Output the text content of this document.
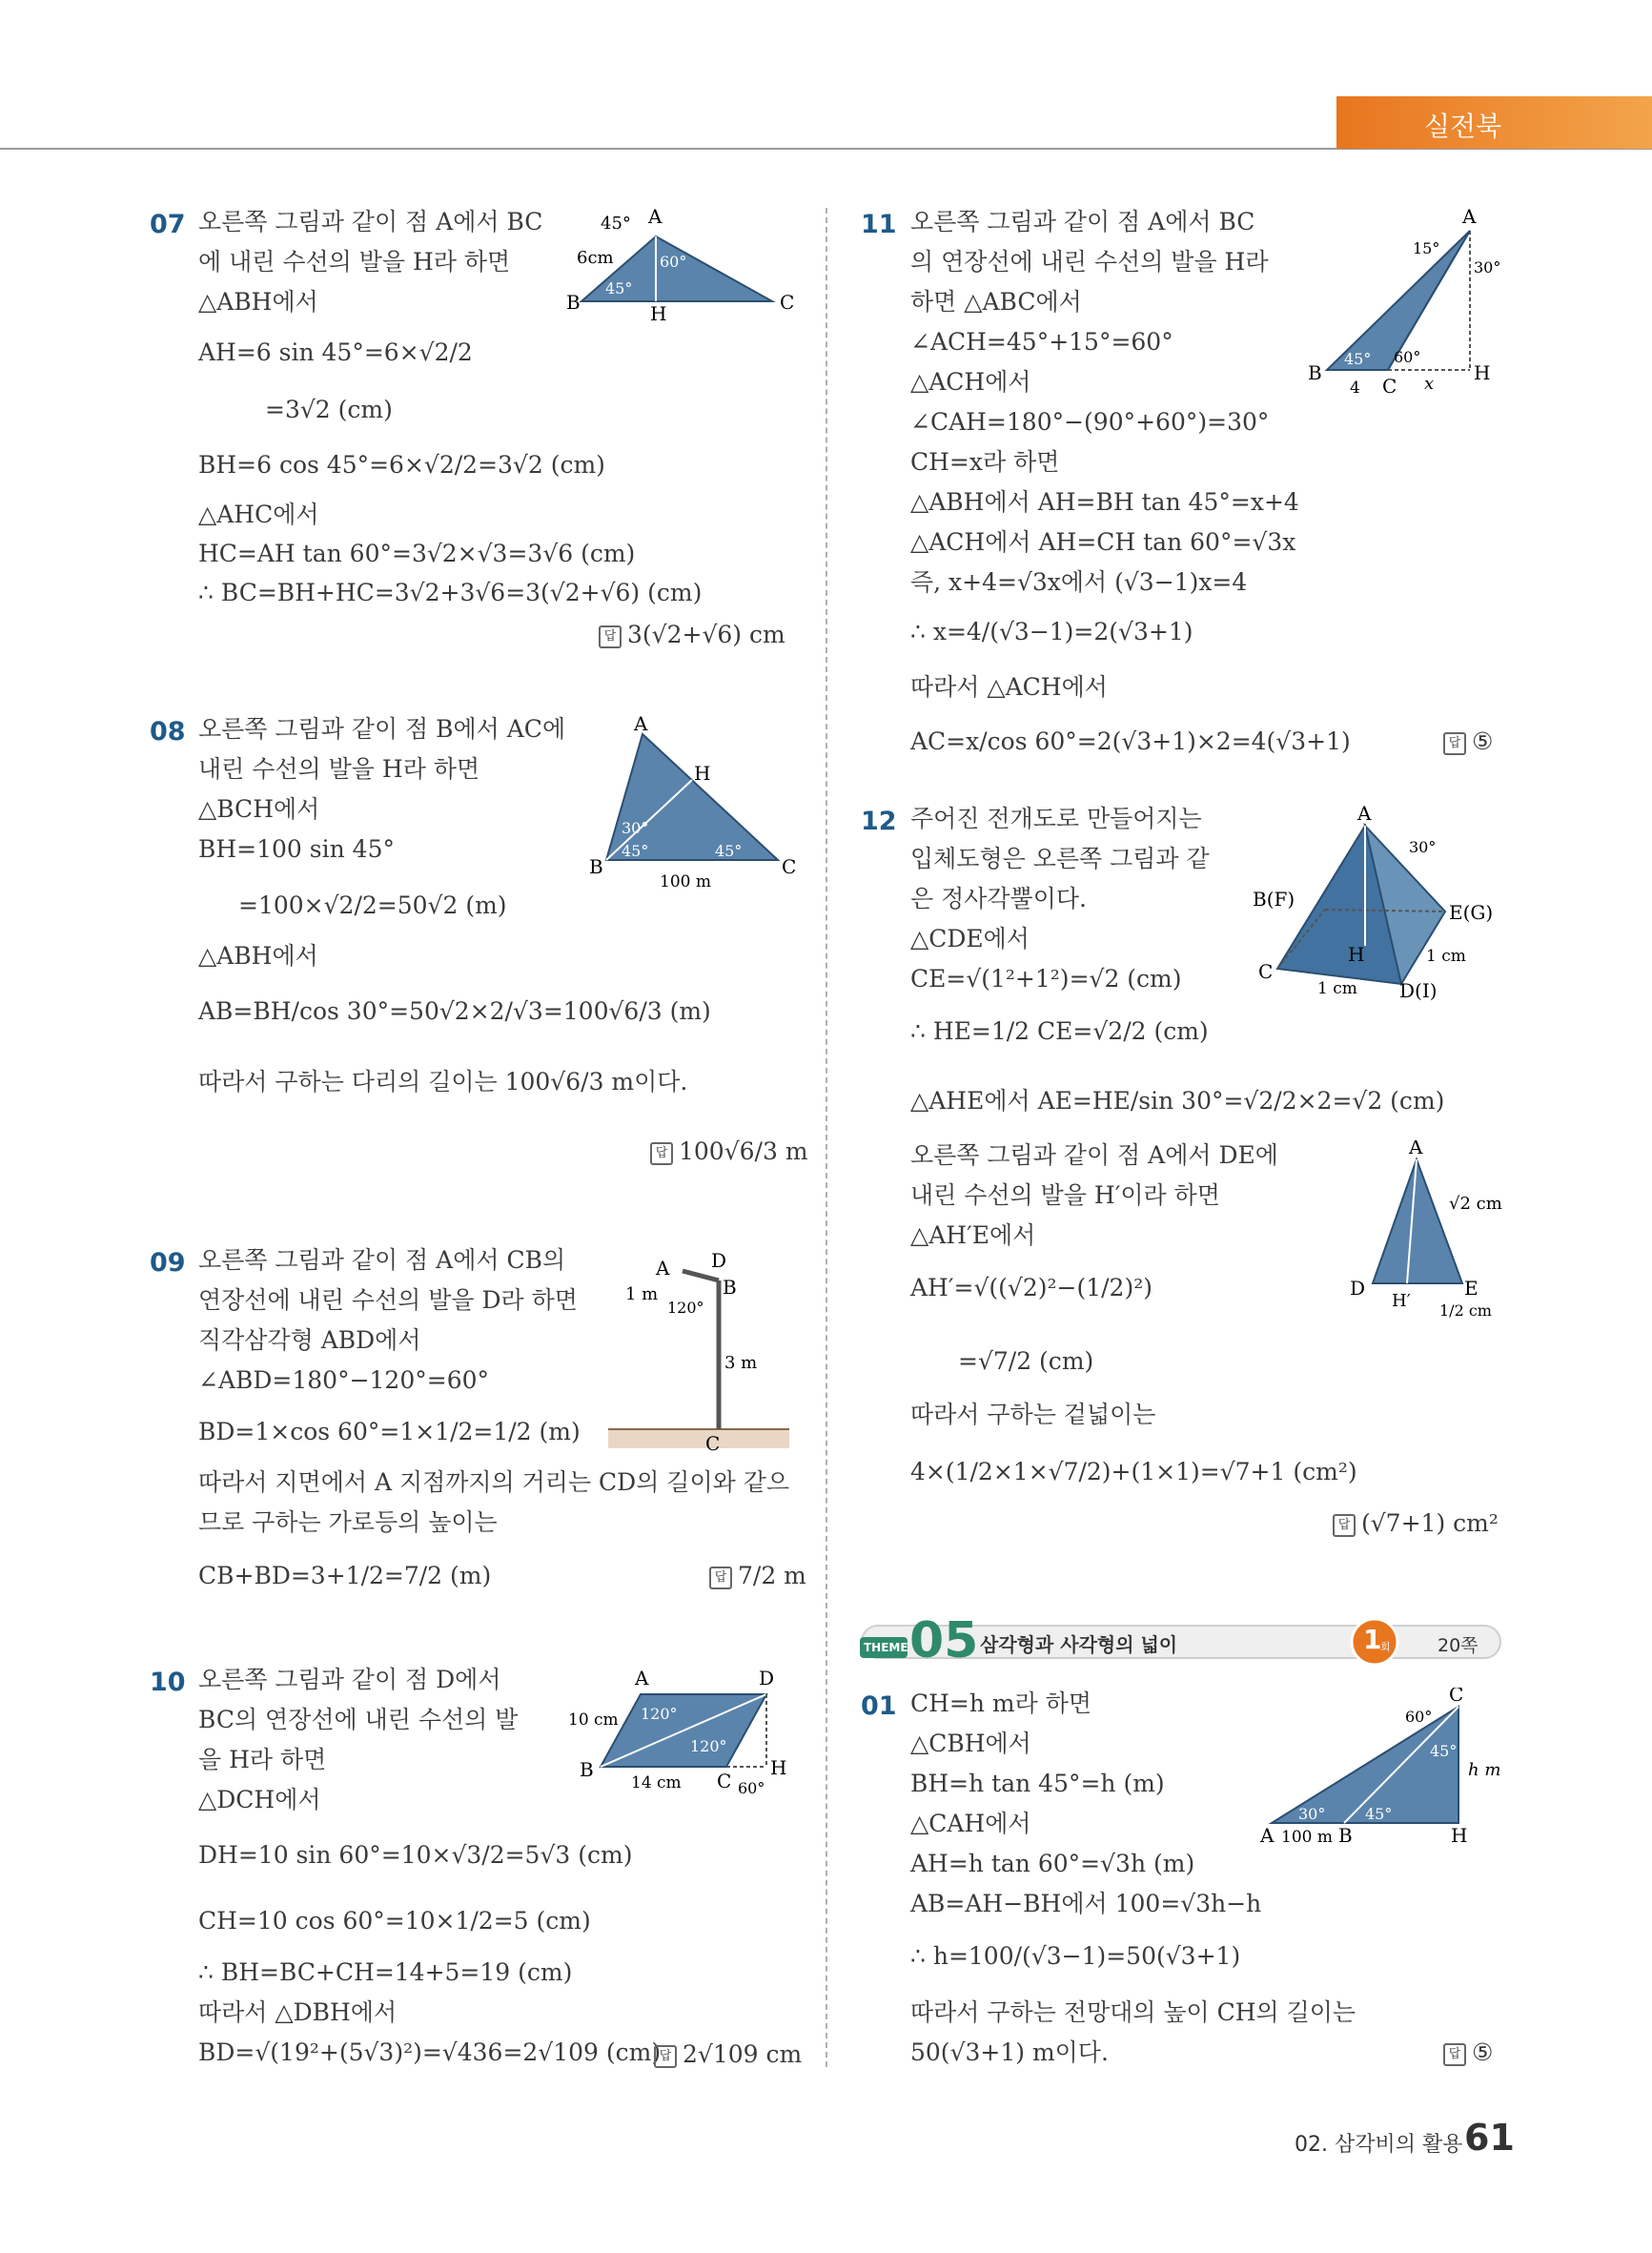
실전북
07 오른쪽 그림과 같이 점 A에서 BC
에 내린 수선의 발을 H라 하면
△ABH에서
AH=6 sin 45°=6×√2/2
=3√2 (cm)
BH=6 cos 45°=6×√2/2=3√2 (cm)
△AHC에서
HC=AH tan 60°=3√2×√3=3√6 (cm)
∴ BC=BH+HC=3√2+3√6=3(√2+√6) (cm)
답 3(√2+√6) cm
45° A
6cm	60°
45°
B	H	C
08 오른쪽 그림과 같이 점 B에서 AC에
내린 수선의 발을 H라 하면
△BCH에서
BH=100 sin 45°
=100×√2/2=50√2 (m)
△ABH에서
AB=BH/cos 30°=50√2×2/√3=100√6/3 (m)
따라서 구하는 다리의 길이는 100√6/3 m이다.
답 100√6/3 m
A
H
30°
45°	45°
B	C
100 m
09 오른쪽 그림과 같이 점 A에서 CB의
연장선에 내린 수선의 발을 D라 하면
직각삼각형 ABD에서
∠ABD=180°−120°=60°
BD=1×cos 60°=1×1/2=1/2 (m)
따라서 지면에서 A 지점까지의 거리는 CD의 길이와 같으
므로 구하는 가로등의 높이는
CB+BD=3+1/2=7/2 (m)	답 7/2 m
A D
B
1 m
120°
3 m
C
10 오른쪽 그림과 같이 점 D에서
BC의 연장선에 내린 수선의 발
을 H라 하면
△DCH에서
DH=10 sin 60°=10×√3/2=5√3 (cm)
CH=10 cos 60°=10×1/2=5 (cm)
∴ BH=BC+CH=14+5=19 (cm)
따라서 △DBH에서
BD=√(19²+(5√3)²)=√436=2√109 (cm)
답 2√109 cm
A	D
10 cm 120°
120°
B
14 cm C 60°
H
11 오른쪽 그림과 같이 점 A에서 BC
의 연장선에 내린 수선의 발을 H라
하면 △ABC에서
∠ACH=45°+15°=60°
△ACH에서
∠CAH=180°−(90°+60°)=30°
CH=x라 하면
△ABH에서 AH=BH tan 45°=x+4
△ACH에서 AH=CH tan 60°=√3x
즉, x+4=√3x에서 (√3−1)x=4
∴ x=4/(√3−1)=2(√3+1)
따라서 △ACH에서
AC=x/cos 60°=2(√3+1)×2=4(√3+1)	답 ⑤
A
15°
30°
45° 60°
B
4 C x H
12 주어진 전개도로 만들어지는
입체도형은 오른쪽 그림과 같
은 정사각뿔이다.
△CDE에서
CE=√(1²+1²)=√2 (cm)
∴ HE=1/2 CE=√2/2 (cm)
△AHE에서 AE=HE/sin 30°=√2/2×2=√2 (cm)
오른쪽 그림과 같이 점 A에서 DE에
내린 수선의 발을 H′이라 하면
△AH′E에서
AH′=√((√2)²−(1/2)²)
=√7/2 (cm)
따라서 구하는 겉넓이는
4×(1/2×1×√7/2)+(1×1)=√7+1 (cm²)
답 (√7+1) cm²
A
30°
B(F)
E(G)
H	1 cm
C
1 cm D(I)
A
√2 cm
D
H′
E
1/2 cm
THEME 05 삼각형과 사각형의 넓이	1
회	20쪽
01 CH=h m라 하면
△CBH에서
BH=h tan 45°=h (m)
△CAH에서
AH=h tan 60°=√3h (m)
AB=AH−BH에서 100=√3h−h
∴ h=100/(√3−1)=50(√3+1)
따라서 구하는 전망대의 높이 CH의 길이는
50(√3+1) m이다.	답 ⑤
C
60°
45°
h m
30°	45°
A 100 m B	H
02. 삼각비의 활용 61
